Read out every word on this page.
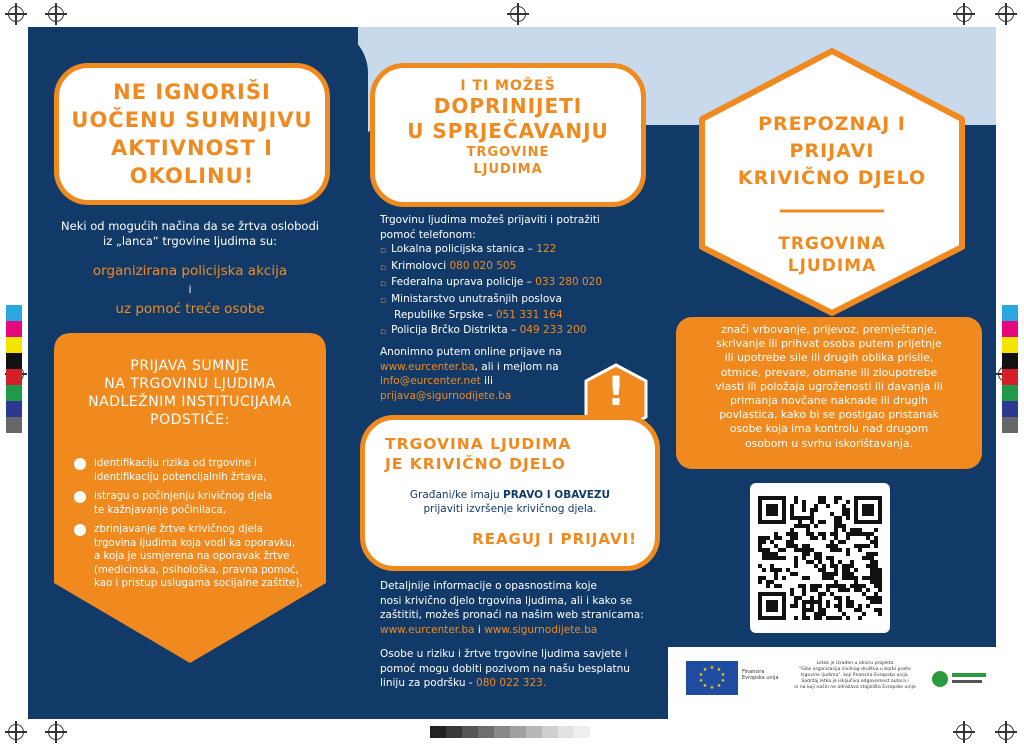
NE IGNORIŠI
UOČENU SUMNJIVU
AKTIVNOST I
OKOLINU!
Neki od mogućih načina da se žrtva oslobodi
iz „lanca“ trgovine ljudima su:
organizirana policijska akcija
i
uz pomoć treće osobe
PRIJAVA SUMNJE
NA TRGOVINU LJUDIMA
NADLEŽNIM INSTITUCIJAMA
PODSTIČE:
identifikaciju rizika od trgovine i
identifikaciju potencijalnih žrtava,
istragu o počinjenju krivičnog djela
te kažnjavanje počinilaca,
zbrinjavanje žrtve krivičnog djela
trgovina ljudima koja vodi ka oporavku,
a koja je usmjerena na oporavak žrtve
(medicinska, psihološka, pravna pomoć,
kao i pristup uslugama socijalne zaštite),
I TI MOŽEŠ
DOPRINIJETI
U SPRJEČAVANJU
TRGOVINE
LJUDIMA
Trgovinu ljudima možeš prijaviti i potražiti
pomoć telefonom:
▫ Lokalna policijska stanica – 122
▫ Krimolovci 080 020 505
▫ Federalna uprava policije – 033 280 020
▫ Ministarstvo unutrašnjih poslova
Republike Srpske – 051 331 164
▫ Policija Brčko Distrikta – 049 233 200
Anonimno putem online prijave na
www.eurcenter.ba, ali i mejlom na
info@eurcenter.net ili
prijava@sigurnodijete.ba	!
TRGOVINA LJUDIMA
JE KRIVIČNO DJELO
Građani/ke imaju PRAVO I OBAVEZU
prijaviti izvršenje krivičnog djela.
REAGUJ I PRIJAVI!
Detaljnije informacije o opasnostima koje
nosi krivično djelo trgovina ljudima, ali i kako se
zaštititi, možeš pronaći na našim web stranicama:
www.eurcenter.ba i www.sigurnodijete.ba
Osobe u riziku i žrtve trgovine ljudima savjete i
pomoć mogu dobiti pozivom na našu besplatnu
liniju za podršku - 080 022 323.
PREPOZNAJ I
PRIJAVI
KRIVIČNO DJELO
TRGOVINA
LJUDIMA
znači vrbovanje, prijevoz, premještanje,
skrivanje ili prihvat osoba putem prijetnje
ili upotrebe sile ili drugih oblika prisile,
otmice, prevare, obmane ili zloupotrebe
vlasti ili položaja ugroženosti ili davanja ili
primanja novčane naknade ili drugih
povlastica, kako bi se postigao pristanak
osobe koja ima kontrolu nad drugom
osobom u svrhu iskorištavanja.
★ ★
★
★
★
★
★
★
★
★	Finansira
Evropska unija
Letak je izrađen u okviru projekta
"Glas organizacija civilnog društva u borbi protiv
trgovine ljudima", koji finansira Evropska unija.
Sadržaj letka je isključiva odgovornost autora i
ni na koji način ne odražava stajališta Evropske unije
